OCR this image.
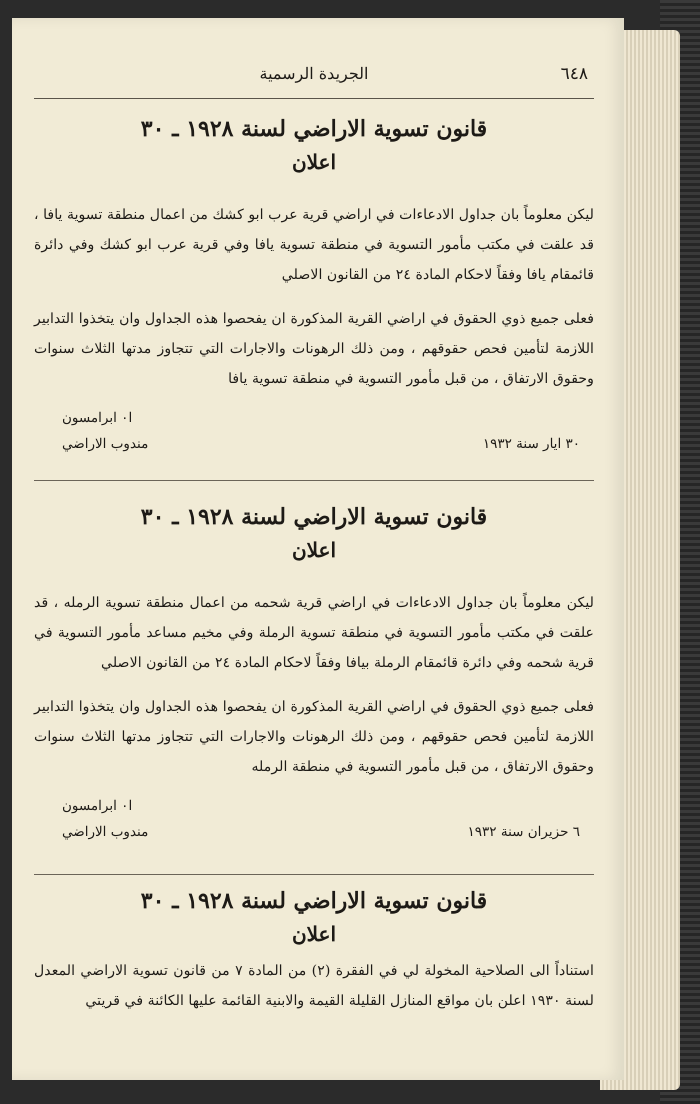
٦٤٨
الجريدة الرسمية
قانون تسوية الاراضي لسنة ١٩٢٨ ـ ٣٠
اعلان

ليكن معلوماً بان جداول الادعاءات في اراضي قرية عرب ابو كشك من اعمال منطقة تسوية يافا ، قد علقت في مكتب مأمور التسوية في منطقة تسوية يافا وفي قرية عرب ابو كشك وفي دائرة قائمقام يافا وفقاً لاحكام المادة ٢٤ من القانون الاصلي

فعلى جميع ذوي الحقوق في اراضي القرية المذكورة ان يفحصوا هذه الجداول وان يتخذوا التدابير اللازمة لتأمين فحص حقوقهم ، ومن ذلك الرهونات والاجارات التي تتجاوز مدتها الثلاث سنوات وحقوق الارتفاق ، من قبل مأمور التسوية في منطقة تسوية يافا

ا٠ ابرامسون
مندوب الاراضي	٣٠ ايار سنة ١٩٣٢
قانون تسوية الاراضي لسنة ١٩٢٨ ـ ٣٠
اعلان

ليكن معلوماً بان جداول الادعاءات في اراضي قرية شحمه من اعمال منطقة تسوية الرمله ، قد علقت في مكتب مأمور التسوية في منطقة تسوية الرملة وفي مخيم مساعد مأمور التسوية في قرية شحمه وفي دائرة قائمقام الرملة بيافا وفقاً لاحكام المادة ٢٤ من القانون الاصلي

فعلى جميع ذوي الحقوق في اراضي القرية المذكورة ان يفحصوا هذه الجداول وان يتخذوا التدابير اللازمة لتأمين فحص حقوقهم ، ومن ذلك الرهونات والاجارات التي تتجاوز مدتها الثلاث سنوات وحقوق الارتفاق ، من قبل مأمور التسوية في منطقة الرمله

ا٠ ابرامسون
مندوب الاراضي	٦ حزيران سنة ١٩٣٢
قانون تسوية الاراضي لسنة ١٩٢٨ ـ ٣٠
اعلان

استناداً الى الصلاحية المخولة لي في الفقرة (٢) من المادة ٧ من قانون تسوية الاراضي المعدل لسنة ١٩٣٠ اعلن بان مواقع المنازل القليلة القيمة والابنية القائمة عليها الكائنة في قريتي
